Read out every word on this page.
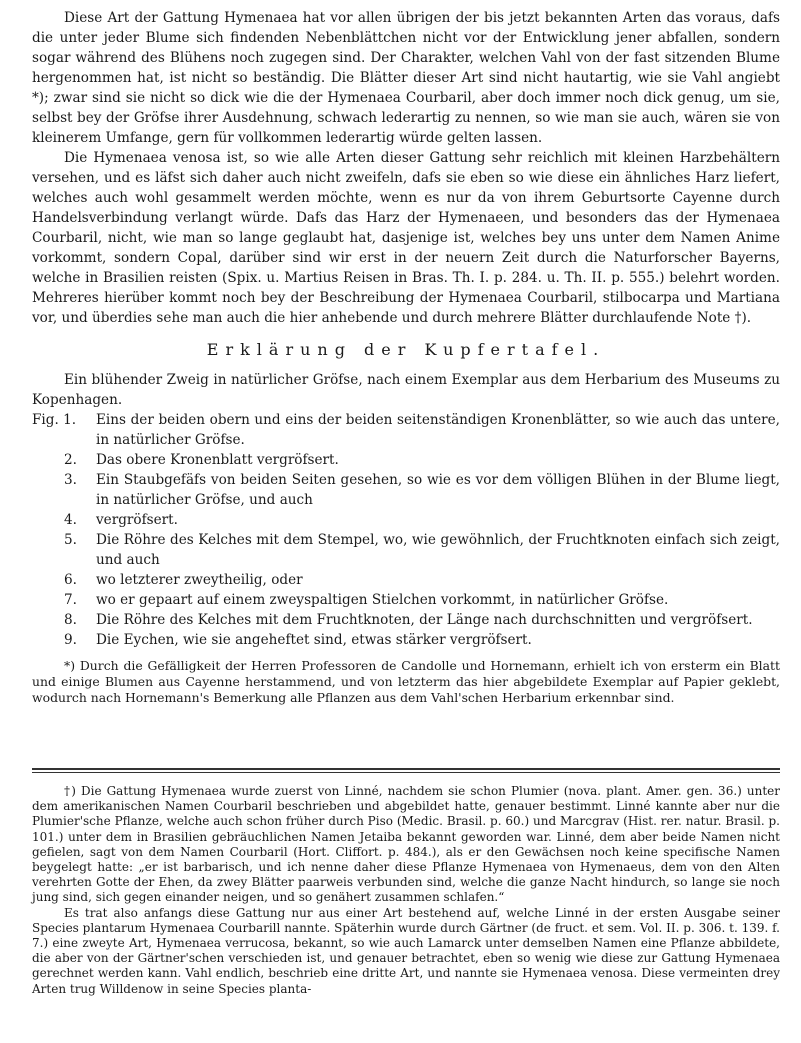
Diese Art der Gattung Hymenaea hat vor allen übrigen der bis jetzt bekannten Arten das voraus, dafs die unter jeder Blume sich findenden Nebenblättchen nicht vor der Entwicklung jener abfallen, sondern sogar während des Blühens noch zugegen sind. Der Charakter, welchen Vahl von der fast sitzenden Blume hergenommen hat, ist nicht so beständig. Die Blätter dieser Art sind nicht hautartig, wie sie Vahl angiebt *); zwar sind sie nicht so dick wie die der Hymenaea Courbaril, aber doch immer noch dick genug, um sie, selbst bey der Gröfse ihrer Ausdehnung, schwach lederartig zu nennen, so wie man sie auch, wären sie von kleinerem Umfange, gern für vollkommen lederartig würde gelten lassen.

Die Hymenaea venosa ist, so wie alle Arten dieser Gattung sehr reichlich mit kleinen Harzbehältern versehen, und es läfst sich daher auch nicht zweifeln, dafs sie eben so wie diese ein ähnliches Harz liefert, welches auch wohl gesammelt werden möchte, wenn es nur da von ihrem Geburtsorte Cayenne durch Handelsverbindung verlangt würde. Dafs das Harz der Hymenaeen, und besonders das der Hymenaea Courbaril, nicht, wie man so lange geglaubt hat, dasjenige ist, welches bey uns unter dem Namen Anime vorkommt, sondern Copal, darüber sind wir erst in der neuern Zeit durch die Naturforscher Bayerns, welche in Brasilien reisten (Spix. u. Martius Reisen in Bras. Th. I. p. 284. u. Th. II. p. 555.) belehrt worden. Mehreres hierüber kommt noch bey der Beschreibung der Hymenaea Courbaril, stilbocarpa und Martiana vor, und überdies sehe man auch die hier anhebende und durch mehrere Blätter durchlaufende Note †).

Erklärung der Kupfertafel.

Ein blühender Zweig in natürlicher Gröfse, nach einem Exemplar aus dem Herbarium des Museums zu Kopenhagen.

Fig. 1. Eins der beiden obern und eins der beiden seitenständigen Kronenblätter, so wie auch das untere, in natürlicher Gröfse.
2. Das obere Kronenblatt vergröfsert.
3. Ein Staubgefäfs von beiden Seiten gesehen, so wie es vor dem völligen Blühen in der Blume liegt, in natürlicher Gröfse, und auch
4. vergröfsert.
5. Die Röhre des Kelches mit dem Stempel, wo, wie gewöhnlich, der Fruchtknoten einfach sich zeigt, und auch
6. wo letzterer zweytheilig, oder
7. wo er gepaart auf einem zweyspaltigen Stielchen vorkommt, in natürlicher Gröfse.
8. Die Röhre des Kelches mit dem Fruchtknoten, der Länge nach durchschnitten und vergröfsert.
9. Die Eychen, wie sie angeheftet sind, etwas stärker vergröfsert.

*) Durch die Gefälligkeit der Herren Professoren de Candolle und Hornemann, erhielt ich von ersterm ein Blatt und einige Blumen aus Cayenne herstammend, und von letzterm das hier abgebildete Exemplar auf Papier geklebt, wodurch nach Hornemann's Bemerkung alle Pflanzen aus dem Vahl'schen Herbarium erkennbar sind.

†) Die Gattung Hymenaea wurde zuerst von Linné, nachdem sie schon Plumier (nova. plant. Amer. gen. 36.) unter dem amerikanischen Namen Courbaril beschrieben und abgebildet hatte, genauer bestimmt. Linné kannte aber nur die Plumier'sche Pflanze, welche auch schon früher durch Piso (Medic. Brasil. p. 60.) und Marcgrav (Hist. rer. natur. Brasil. p. 101.) unter dem in Brasilien gebräuchlichen Namen Jetaiba bekannt geworden war. Linné, dem aber beide Namen nicht gefielen, sagt von dem Namen Courbaril (Hort. Cliffort. p. 484.), als er den Gewächsen noch keine specifische Namen beygelegt hatte: „er ist barbarisch, und ich nenne daher diese Pflanze Hymenaea von Hymenaeus, dem von den Alten verehrten Gotte der Ehen, da zwey Blätter paarweis verbunden sind, welche die ganze Nacht hindurch, so lange sie noch jung sind, sich gegen einander neigen, und so genähert zusammen schlafen.“

Es trat also anfangs diese Gattung nur aus einer Art bestehend auf, welche Linné in der ersten Ausgabe seiner Species plantarum Hymenaea Courbarill nannte. Späterhin wurde durch Gärtner (de fruct. et sem. Vol. II. p. 306. t. 139. f. 7.) eine zweyte Art, Hymenaea verrucosa, bekannt, so wie auch Lamarck unter demselben Namen eine Pflanze abbildete, die aber von der Gärtner'schen verschieden ist, und genauer betrachtet, eben so wenig wie diese zur Gattung Hymenaea gerechnet werden kann. Vahl endlich, beschrieb eine dritte Art, und nannte sie Hymenaea venosa. Diese vermeinten drey Arten trug Willdenow in seine Species planta-
